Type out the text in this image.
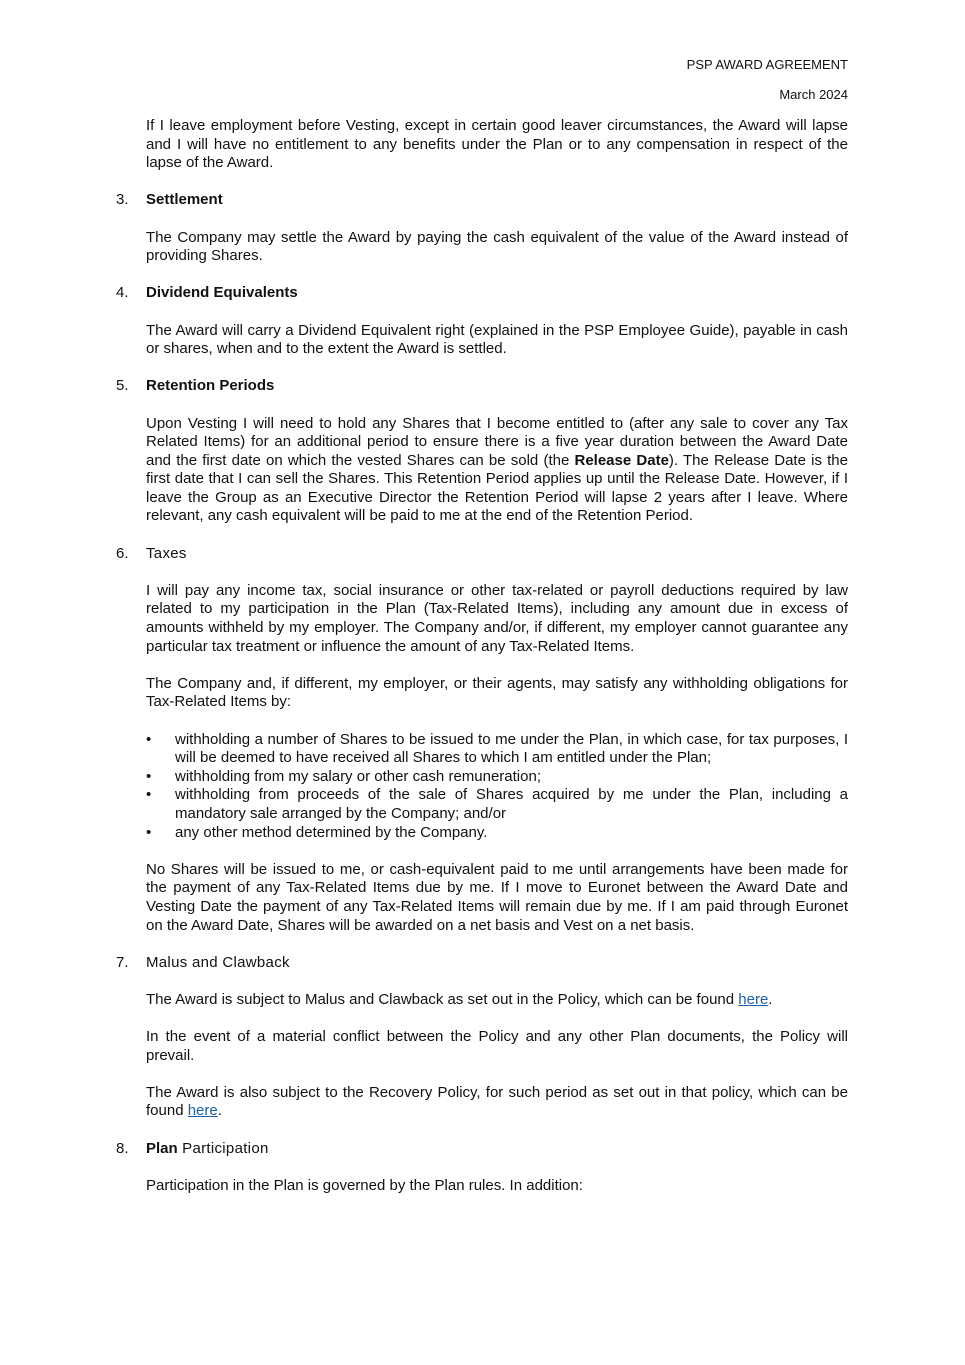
PSP AWARD AGREEMENT
March 2024

If I leave employment before Vesting, except in certain good leaver circumstances, the Award will lapse and I will have no entitlement to any benefits under the Plan or to any compensation in respect of the lapse of the Award.

3. Settlement

The Company may settle the Award by paying the cash equivalent of the value of the Award instead of providing Shares.

4. Dividend Equivalents

The Award will carry a Dividend Equivalent right (explained in the PSP Employee Guide), payable in cash or shares, when and to the extent the Award is settled.

5. Retention Periods

Upon Vesting I will need to hold any Shares that I become entitled to (after any sale to cover any Tax Related Items) for an additional period to ensure there is a five year duration between the Award Date and the first date on which the vested Shares can be sold (the Release Date). The Release Date is the first date that I can sell the Shares. This Retention Period applies up until the Release Date. However, if I leave the Group as an Executive Director the Retention Period will lapse 2 years after I leave. Where relevant, any cash equivalent will be paid to me at the end of the Retention Period.

6. Taxes

I will pay any income tax, social insurance or other tax-related or payroll deductions required by law related to my participation in the Plan (Tax-Related Items), including any amount due in excess of amounts withheld by my employer. The Company and/or, if different, my employer cannot guarantee any particular tax treatment or influence the amount of any Tax-Related Items.

The Company and, if different, my employer, or their agents, may satisfy any withholding obligations for Tax-Related Items by:

• withholding a number of Shares to be issued to me under the Plan, in which case, for tax purposes, I will be deemed to have received all Shares to which I am entitled under the Plan;
• withholding from my salary or other cash remuneration;
• withholding from proceeds of the sale of Shares acquired by me under the Plan, including a mandatory sale arranged by the Company; and/or
• any other method determined by the Company.

No Shares will be issued to me, or cash-equivalent paid to me until arrangements have been made for the payment of any Tax-Related Items due by me. If I move to Euronet between the Award Date and Vesting Date the payment of any Tax-Related Items will remain due by me. If I am paid through Euronet on the Award Date, Shares will be awarded on a net basis and Vest on a net basis.

7. Malus and Clawback

The Award is subject to Malus and Clawback as set out in the Policy, which can be found here.

In the event of a material conflict between the Policy and any other Plan documents, the Policy will prevail.

The Award is also subject to the Recovery Policy, for such period as set out in that policy, which can be found here.

8. Plan Participation

Participation in the Plan is governed by the Plan rules. In addition:
